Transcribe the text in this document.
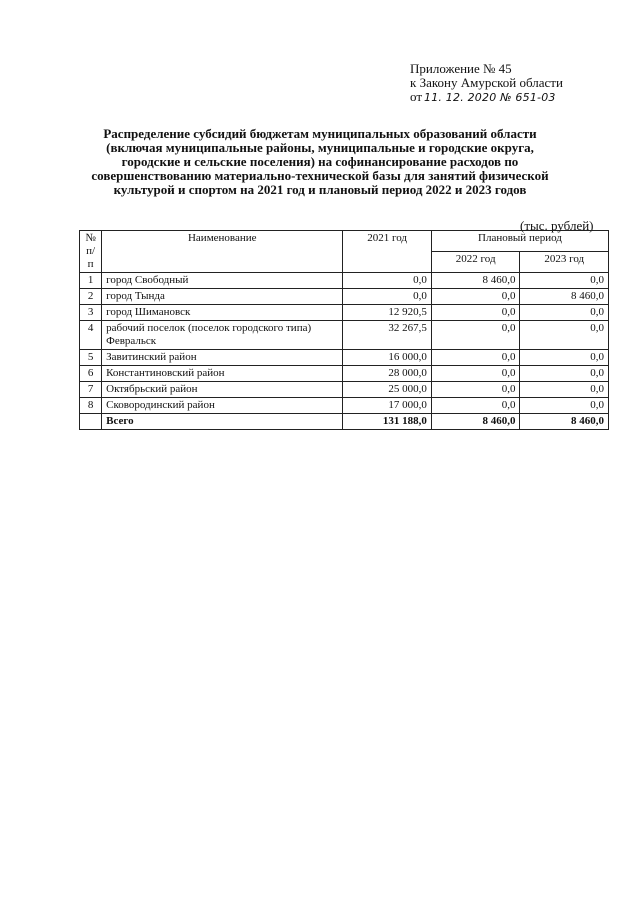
Приложение № 45
к Закону Амурской области
от 11. 12. 2020 № 651-03
Распределение субсидий бюджетам муниципальных образований области (включая муниципальные районы, муниципальные и городские округа, городские и сельские поселения) на софинансирование расходов по совершенствованию материально-технической базы для занятий физической культурой и спортом на 2021 год и плановый период 2022 и 2023 годов
(тыс. рублей)
№ п/п	Наименование	2021 год	Плановый период	
			2022 год	2023 год
1	город Свободный	0,0	8 460,0	0,0
2	город Тында	0,0	0,0	8 460,0
3	город Шимановск	12 920,5	0,0	0,0
4	рабочий поселок (поселок городского типа) Февральск	32 267,5	0,0	0,0
5	Завитинский район	16 000,0	0,0	0,0
6	Константиновский район	28 000,0	0,0	0,0
7	Октябрьский район	25 000,0	0,0	0,0
8	Сковородинский район	17 000,0	0,0	0,0
	Всего	131 188,0	8 460,0	8 460,0
